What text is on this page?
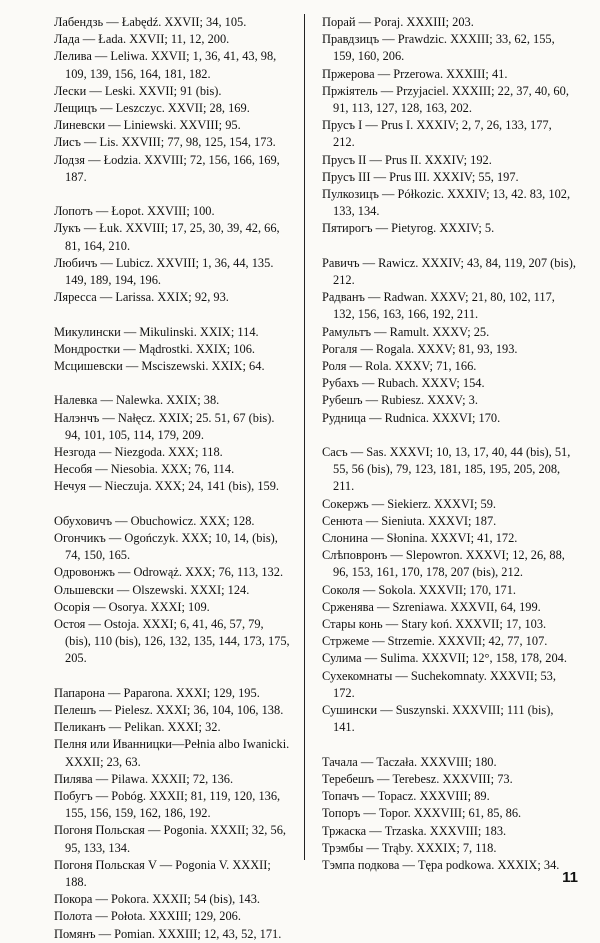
Лабендзь — Łabędź. XXVII; 34, 105.

Лада — Łada. XXVII; 11, 12, 200.

Лелива — Leliwa. XXVII; 1, 36, 41, 43, 98, 109, 139, 156, 164, 181, 182.

Лески — Leski. XXVII; 91 (bis).

Лещицъ — Leszczyc. XXVII; 28, 169.

Линевски — Liniewski. XXVIII; 95.

Лисъ — Lis. XXVIII; 77, 98, 125, 154, 173.

Лодзя — Łodzia. XXVIII; 72, 156, 166, 169, 187.

Лопотъ — Łopot. XXVIII; 100.

Лукъ — Łuk. XXVIII; 17, 25, 30, 39, 42, 66, 81, 164, 210.

Любичъ — Lubicz. XXVIII; 1, 36, 44, 135. 149, 189, 194, 196.

Ляресса — Larissa. XXIX; 92, 93.

Микулински — Mikulinski. XXIX; 114.

Мондростки — Mądrostki. XXIX; 106.

Мсцишевски — Msciszewski. XXIX; 64.

Налевка — Nalewka. XXIX; 38.

Налэнчъ — Nałęcz. XXIX; 25. 51, 67 (bis). 94, 101, 105, 114, 179, 209.

Незгода — Niezgoda. XXX; 118.

Несобя — Niesobia. XXX; 76, 114.

Нечуя — Nieczuja. XXX; 24, 141 (bis), 159.

Обуховичъ — Obuchowicz. XXX; 128.

Огончикъ — Ogończyk. XXX; 10, 14, (bis), 74, 150, 165.

Одровонжъ — Odrowąż. XXX; 76, 113, 132.

Ольшевски — Olszewski. XXXI; 124.

Осорія — Osorya. XXXI; 109.

Остоя — Ostoja. XXXI; 6, 41, 46, 57, 79, (bis), 110 (bis), 126, 132, 135, 144, 173, 175, 205.

Папарона — Paparona. XXXI; 129, 195.

Пелешъ — Pielesz. XXXI; 36, 104, 106, 138.

Пеликанъ — Pelikan. XXXI; 32.

Пелня или Иванницки—Pełnia albo Iwanicki. XXXII; 23, 63.

Пилява — Pilawa. XXXII; 72, 136.

Побугъ — Pobóg. XXXII; 81, 119, 120, 136, 155, 156, 159, 162, 186, 192.

Погоня Польская — Pogonia. XXXII; 32, 56, 95, 133, 134.

Погоня Польская V — Pogonia V. XXXII; 188.

Покора — Pokora. XXXII; 54 (bis), 143.

Полота — Połota. XXXIII; 129, 206.

Помянъ — Pomian. XXXIII; 12, 43, 52, 171.

Порай — Poraj. XXXIII; 203.

Правдзицъ — Prawdzic. XXXIII; 33, 62, 155, 159, 160, 206.

Пржерова — Przerowa. XXXIII; 41.

Пржіятель — Przyjaciel. XXXIII; 22, 37, 40, 60, 91, 113, 127, 128, 163, 202.

Прусъ I — Prus I. XXXIV; 2, 7, 26, 133, 177, 212.

Прусъ II — Prus II. XXXIV; 192.

Прусъ III — Prus III. XXXIV; 55, 197.

Пулкозицъ — Półkozic. XXXIV; 13, 42. 83, 102, 133, 134.

Пятирогъ — Pietyrog. XXXIV; 5.

Равичъ — Rawicz. XXXIV; 43, 84, 119, 207 (bis), 212.

Радванъ — Radwan. XXXV; 21, 80, 102, 117, 132, 156, 163, 166, 192, 211.

Рамультъ — Ramult. XXXV; 25.

Рогаля — Rogala. XXXV; 81, 93, 193.

Роля — Rola. XXXV; 71, 166.

Рубахъ — Rubach. XXXV; 154.

Рубешъ — Rubiesz. XXXV; 3.

Рудница — Rudnica. XXXVI; 170.

Сасъ — Sas. XXXVI; 10, 13, 17, 40, 44 (bis), 51, 55, 56 (bis), 79, 123, 181, 185, 195, 205, 208, 211.

Сокержъ — Siekierz. XXXVI; 59.

Сенюта — Sieniuta. XXXVI; 187.

Слонина — Słonina. XXXVI; 41, 172.

Слѣповронъ — Slepowron. XXXVI; 12, 26, 88, 96, 153, 161, 170, 178, 207 (bis), 212.

Соколя — Sokola. XXXVII; 170, 171.

Срженява — Szreniawa. XXXVII, 64, 199.

Стары конь — Stary koń. XXXVII; 17, 103.

Стржеме — Strzemie. XXXVII; 42, 77, 107.

Сулима — Sulima. XXXVII; 12°, 158, 178, 204.

Сухекомнаты — Suchekomnaty. XXXVII; 53, 172.

Сушински — Suszynski. XXXVIII; 111 (bis), 141.

Тачала — Taczała. XXXVIII; 180.

Теребешъ — Terebesz. XXXVIII; 73.

Топачъ — Topacz. XXXVIII; 89.

Топоръ — Topor. XXXVIII; 61, 85, 86.

Тржаска — Trzaska. XXXVIII; 183.

Трэмбы — Trąby. XXXIX; 7, 118.

Тэмпа подкова — Tępa podkowa. XXXIX; 34.

11
